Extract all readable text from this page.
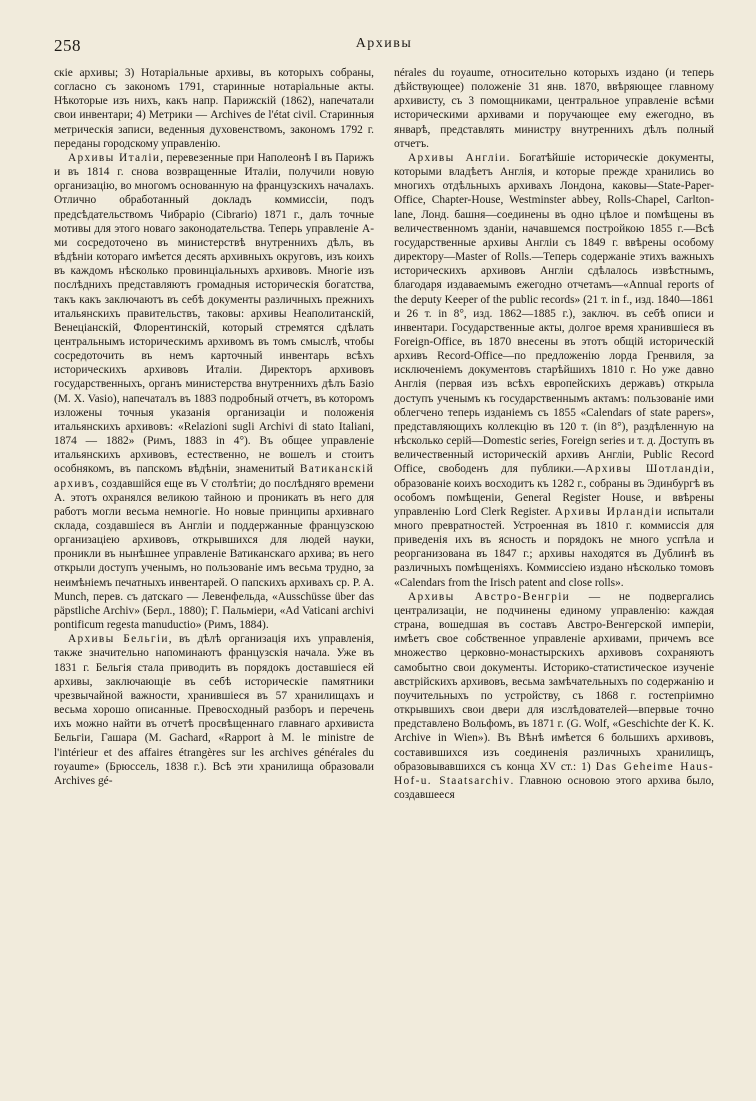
258	Архивы

скіе архивы; 3) Нотаріальные архивы, въ которыхъ собраны, согласно съ закономъ 1791, старинные нотаріальные акты. Нѣкоторые изъ нихъ, какъ напр. Парижскій (1862), напечатали свои инвентари; 4) Метрики — Archives de l'état civil. Старинныя метрическія записи, веденныя духовенствомъ, закономъ 1792 г. переданы городскому управленію.

Архивы Италіи, перевезенные при Наполеонѣ I въ Парижъ и въ 1814 г. снова возвращенные Италіи, получили новую организацію, во многомъ основанную на французскихъ началахъ. Отлично обработанный докладъ коммиссіи, подъ предсѣдательствомъ Чибраріо (Cibrario) 1871 г., далъ точные мотивы для этого новаго законодательства. Теперь управленіе А-ми сосредоточено въ министерствѣ внутреннихъ дѣлъ, въ вѣдѣніи котораго имѣется десять архивныхъ округовъ, изъ коихъ въ каждомъ нѣсколько провинціальныхъ архивовъ. Многіе изъ послѣднихъ представляютъ громадныя историческія богатства, такъ какъ заключаютъ въ себѣ документы различныхъ прежнихъ итальянскихъ правительствъ, таковы: архивы Неаполитанскій, Венеціанскій, Флорентинскій, который стремятся сдѣлать центральнымъ историческимъ архивомъ въ томъ смыслѣ, чтобы сосредоточить въ немъ карточный инвентарь всѣхъ историческихъ архивовъ Италіи. Директоръ архивовъ государственныхъ, органъ министерства внутреннихъ дѣлъ Базіо (M. X. Vasio), напечаталъ въ 1883 подробный отчетъ, въ которомъ изложены точныя указанія организаціи и положенія итальянскихъ архивовъ: «Relazioni sugli Archivi di stato Italiani, 1874 — 1882» (Римъ, 1883 in 4°). Въ общее управленіе итальянскихъ архивовъ, естественно, не вошелъ и стоитъ особнякомъ, въ папскомъ вѣдѣніи, знаменитый Ватиканскій архивъ, создавшійся еще въ V столѣтіи; до послѣдняго времени А. этотъ охранялся великою тайною и проникать въ него для работъ могли весьма немногіе. Но новые принципы архивнаго склада, создавшіеся въ Англіи и поддержанные французскою организаціею архивовъ, открывшихся для людей науки, проникли въ нынѣшнее управленіе Ватиканскаго архива; въ него открыли доступъ ученымъ, но пользованіе имъ весьма трудно, за неимѣніемъ печатныхъ инвентарей. О папскихъ архивахъ ср. P. A. Munch, перев. съ датскаго — Левенфельда, «Ausschüsse über das päpstliche Archiv» (Берл., 1880); Г. Пальміери, «Ad Vaticani archivi pontificum regesta manuductio» (Римъ, 1884).

Архивы Бельгіи, въ дѣлѣ организація ихъ управленія, также значительно напоминаютъ французскія начала. Уже въ 1831 г. Бельгія стала приводить въ порядокъ доставшіеся ей архивы, заключающіе въ себѣ историческіе памятники чрезвычайной важности, хранившіеся въ 57 хранилищахъ и весьма хорошо описанные. Превосходный разборъ и перечень ихъ можно найти въ отчетѣ просвѣщеннаго главнаго архивиста Бельгіи, Гашара (M. Gachard, «Rapport à M. le ministre de l'intérieur et des affaires étrangères sur les archives générales du royaume» (Брюссель, 1838 г.). Всѣ эти хранилища образовали Archives gé-

nérales du royaume, относительно которыхъ издано (и теперь дѣйствующее) положеніе 31 янв. 1870, ввѣряющее главному архивисту, съ 3 помощниками, центральное управленіе всѣми историческими архивами и поручающее ему ежегодно, въ январѣ, представлять министру внутреннихъ дѣлъ полный отчетъ.

Архивы Англіи. Богатѣйшіе историческіе документы, которыми владѣетъ Англія, и которые прежде хранились во многихъ отдѣльныхъ архивахъ Лондона, каковы—State-Paper-Office, Chapter-House, Westminster abbey, Rolls-Chapel, Carlton-lane, Лонд. башня—соединены въ одно цѣлое и помѣщены въ величественномъ зданіи, начавшемся постройкою 1855 г.—Всѣ государственные архивы Англіи съ 1849 г. ввѣрены особому директору—Master of Rolls.—Теперь содержаніе этихъ важныхъ историческихъ архивовъ Англіи сдѣлалось извѣстнымъ, благодаря издаваемымъ ежегодно отчетамъ—«Annual reports of the deputy Keeper of the public records» (21 т. in f., изд. 1840—1861 и 26 т. in 8°, изд. 1862—1885 г.), заключ. въ себѣ описи и инвентари. Государственные акты, долгое время хранившіеся въ Foreign-Office, въ 1870 внесены въ этотъ общій историческій архивъ Record-Office—по предложенію лорда Гренвиля, за исключеніемъ документовъ старѣйшихъ 1810 г. Но уже давно Англія (первая изъ всѣхъ европейскихъ державъ) открыла доступъ ученымъ къ государственнымъ актамъ: пользованіе ими облегчено теперь изданіемъ съ 1855 «Calendars of state papers», представляющихъ коллекцію въ 120 т. (in 8°), раздѣленную на нѣсколько серій—Domestic series, Foreign series и т. д. Доступъ въ величественный историческій архивъ Англіи, Public Record Office, свободенъ для публики.—Архивы Шотландіи, образованіе коихъ восходитъ къ 1282 г., собраны въ Эдинбургѣ въ особомъ помѣщеніи, General Register House, и ввѣрены управленію Lord Clerk Register. Архивы Ирландіи испытали много превратностей. Устроенная въ 1810 г. коммиссія для приведенія ихъ въ ясность и порядокъ не много успѣла и реорганизована въ 1847 г.; архивы находятся въ Дублинѣ въ различныхъ помѣщеніяхъ. Коммиссіею издано нѣсколько томовъ «Calendars from the Irisch patent and close rolls».

Архивы Австро-Венгріи — не подвергались централизаціи, не подчинены единому управленію: каждая страна, вошедшая въ составъ Австро-Венгерской имперіи, имѣетъ свое собственное управленіе архивами, причемъ все множество церковно-монастырскихъ архивовъ сохраняютъ самобытно свои документы. Историко-статистическое изученіе австрійскихъ архивовъ, весьма замѣчательныхъ по содержанію и поучительныхъ по устройству, съ 1868 г. гостепріимно открывшихъ свои двери для изслѣдователей—впервые точно представлено Вольфомъ, въ 1871 г. (G. Wolf, «Geschichte der K. K. Archive in Wien»). Въ Вѣнѣ имѣется 6 большихъ архивовъ, составившихся изъ соединенія различныхъ хранилищъ, образовывавшихся съ конца XV ст.: 1) Das Geheime Haus-Hof-u. Staatsarchiv. Главною основою этого архива было, создавшееся
